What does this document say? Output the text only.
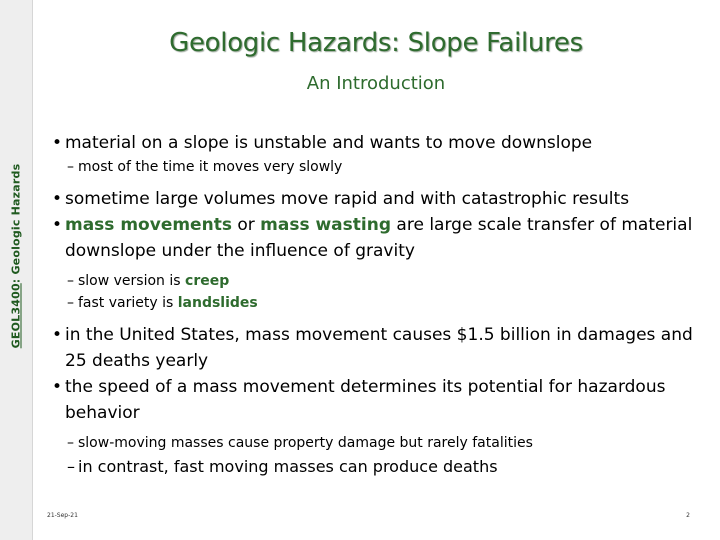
GEOL3400: Geologic Hazards
Geologic Hazards: Slope Failures
An Introduction

• material on a slope is unstable and wants to move downslope

– most of the time it moves very slowly

• sometime large volumes move rapid and with catastrophic results

• mass movements or mass wasting are large scale transfer of material downslope under the influence of gravity

– slow version is creep

– fast variety is landslides

• in the United States, mass movement causes $1.5 billion in damages and 25 deaths yearly

• the speed of a mass movement determines its potential for hazardous behavior

– slow-moving masses cause property damage but rarely fatalities

– in contrast, fast moving masses can produce deaths

21-Sep-21	2
